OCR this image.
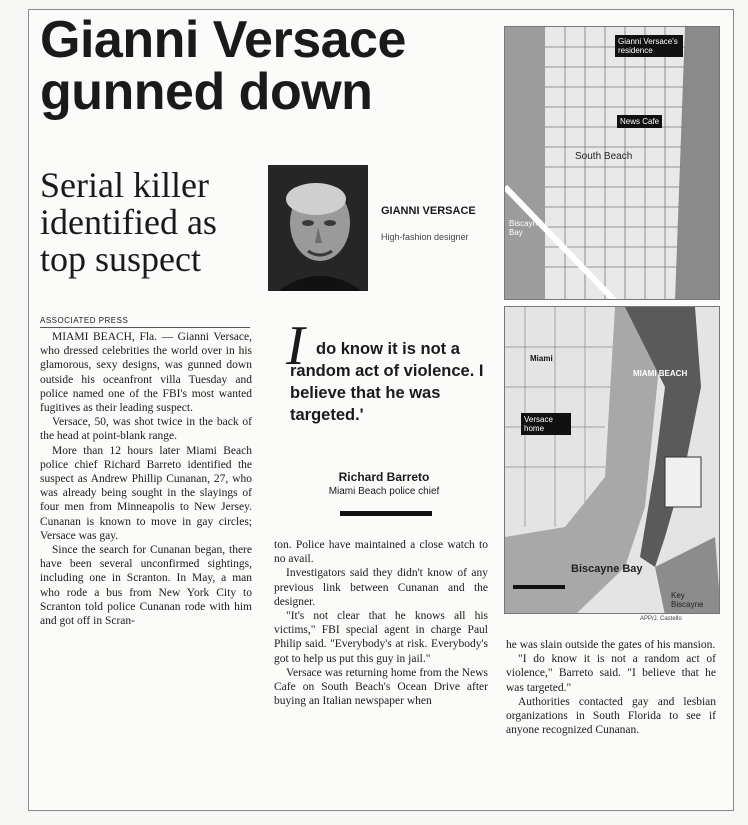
Gianni Versace gunned down
Serial killer identified as top suspect
GIANNI VERSACE
High-fashion designer
ASSOCIATED PRESS

MIAMI BEACH, Fla. — Gianni Versace, who dressed celebrities the world over in his glamorous, sexy designs, was gunned down outside his oceanfront villa Tuesday and police named one of the FBI's most wanted fugitives as their leading suspect.

Versace, 50, was shot twice in the back of the head at point-blank range.

More than 12 hours later Miami Beach police chief Richard Barreto identified the suspect as Andrew Phillip Cunanan, 27, who was already being sought in the slayings of four men from Minneapolis to New Jersey. Cunanan is known to move in gay circles; Versace was gay.

Since the search for Cunanan began, there have been several unconfirmed sightings, including one in Scranton. In May, a man who rode a bus from New York City to Scranton told police Cunanan rode with him and got off in Scran-

I do know it is not a random act of violence. I believe that he was targeted.'
Richard Barreto
Miami Beach police chief

ton. Police have maintained a close watch to no avail.

Investigators said they didn't know of any previous link between Cunanan and the designer.

"It's not clear that he knows all his victims," FBI special agent in charge Paul Philip said. "Everybody's at risk. Everybody's got to help us put this guy in jail."

Versace was returning home from the News Cafe on South Beach's Ocean Drive after buying an Italian newspaper when

he was slain outside the gates of his mansion.

"I do know it is not a random act of violence," Barreto said. "I believe that he was targeted."

Authorities contacted gay and lesbian organizations in South Florida to see if anyone recognized Cunanan.

Gianni Versace's residence
News Cafe
South Beach
Biscayne Bay
Miami
Versace home
MIAMI BEACH
Biscayne Bay
Key Biscayne
APP/J. Castello
